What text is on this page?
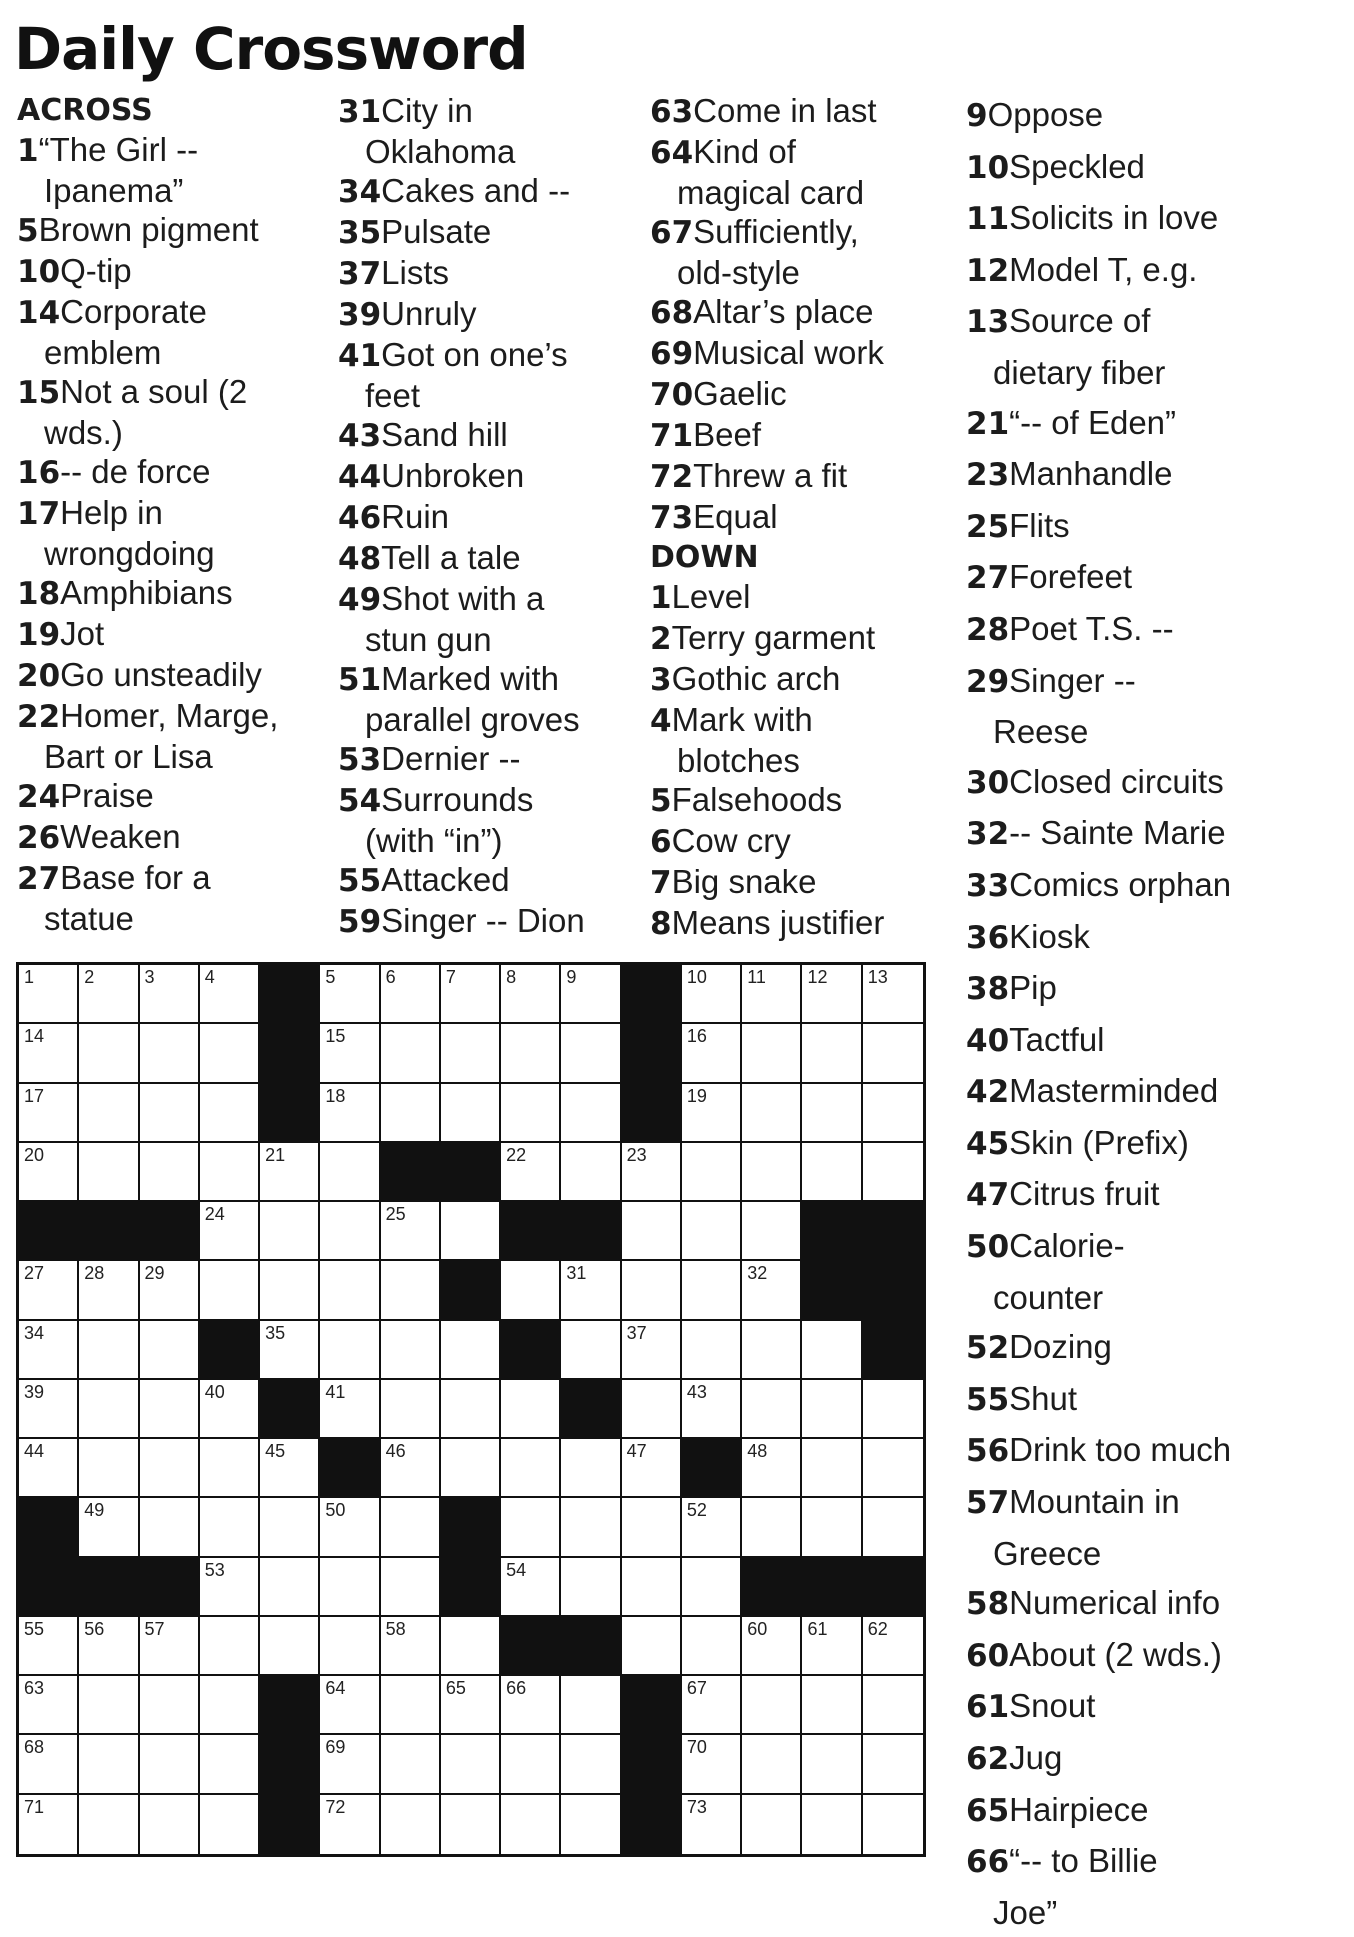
Daily Crossword
ACROSS
1“The Girl --
Ipanema”
5Brown pigment
10Q-tip
14Corporate
emblem
15Not a soul (2
wds.)
16-- de force
17Help in
wrongdoing
18Amphibians
19Jot
20Go unsteadily
22Homer, Marge,
Bart or Lisa
24Praise
26Weaken
27Base for a
statue
31City in
Oklahoma
34Cakes and --
35Pulsate
37Lists
39Unruly
41Got on one’s
feet
43Sand hill
44Unbroken
46Ruin
48Tell a tale
49Shot with a
stun gun
51Marked with
parallel groves
53Dernier --
54Surrounds
(with “in”)
55Attacked
59Singer -- Dion
63Come in last
64Kind of
magical card
67Sufficiently,
old-style
68Altar’s place
69Musical work
70Gaelic
71Beef
72Threw a fit
73Equal
DOWN
1Level
2Terry garment
3Gothic arch
4Mark with
blotches
5Falsehoods
6Cow cry
7Big snake
8Means justifier
9Oppose
10Speckled
11Solicits in love
12Model T, e.g.
13Source of
dietary fiber
21“-- of Eden”
23Manhandle
25Flits
27Forefeet
28Poet T.S. --
29Singer --
Reese
30Closed circuits
32-- Sainte Marie
33Comics orphan
36Kiosk
38Pip
40Tactful
42Masterminded
45Skin (Prefix)
47Citrus fruit
50Calorie-
counter
52Dozing
55Shut
56Drink too much
57Mountain in
Greece
58Numerical info
60About (2 wds.)
61Snout
62Jug
65Hairpiece
66“-- to Billie
Joe”
1	2	3	4	5	6	7	8	9	10 11 12 13
14	15	16
17	18	19
20	21	22	23
24	25
27 28 29	31	32
34	35	37
39	40	41	43
44	45	46	47	48
49	50	52
53	54
55 56 57	58	60 61 62
63	64	65 66	67
68	69	70
71	72	73
